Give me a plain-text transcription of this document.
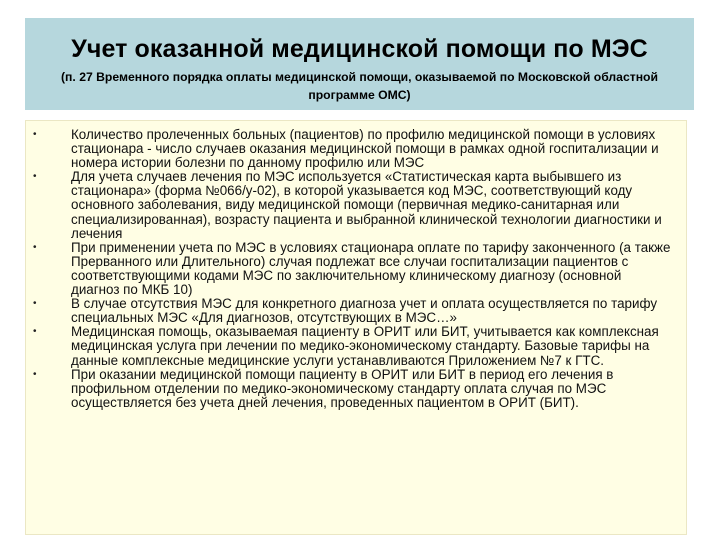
Учет оказанной медицинской помощи по МЭС
(п. 27 Временного порядка оплаты медицинской помощи, оказываемой по Московской областной программе ОМС)
•	Количество пролеченных больных (пациентов) по профилю медицинской помощи в условиях стационара - число случаев оказания медицинской помощи в рамках одной госпитализации и номера истории болезни по данному профилю или МЭС
•	Для учета случаев лечения по МЭС используется «Статистическая карта выбывшего из стационара» (форма №066/у-02), в которой указывается код МЭС, соответствующий коду основного заболевания, виду медицинской помощи (первичная медико-санитарная или специализированная), возрасту пациента и выбранной клинической технологии диагностики и лечения
•	При применении учета по МЭС в условиях стационара оплате по тарифу законченного (а также Прерванного или Длительного) случая подлежат все случаи госпитализации пациентов с соответствующими кодами МЭС по заключительному клиническому диагнозу (основной диагноз по МКБ 10)
•	В случае отсутствия МЭС для конкретного диагноза учет и оплата осуществляется по тарифу специальных МЭС «Для диагнозов, отсутствующих в МЭС…»
•	Медицинская помощь, оказываемая пациенту в ОРИТ или БИТ, учитывается как комплексная медицинская услуга при лечении по медико-экономическому стандарту. Базовые тарифы на данные комплексные медицинские услуги устанавливаются Приложением №7 к ГТС.
•	При оказании медицинской помощи пациенту в ОРИТ или БИТ в период его лечения в профильном отделении по медико-экономическому стандарту оплата случая по МЭС осуществляется без учета дней лечения, проведенных пациентом в ОРИТ (БИТ).
